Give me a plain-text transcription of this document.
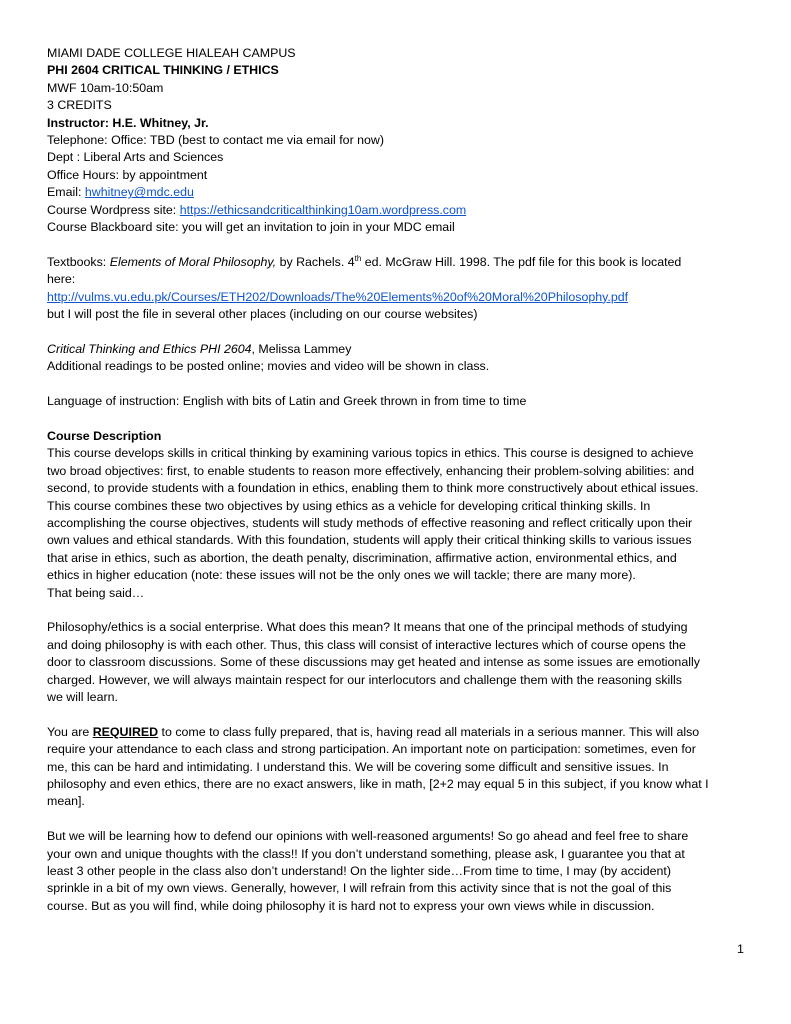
MIAMI DADE COLLEGE HIALEAH CAMPUS
PHI 2604 CRITICAL THINKING / ETHICS
MWF 10am-10:50am
3 CREDITS
Instructor: H.E. Whitney, Jr.
Telephone: Office: TBD (best to contact me via email for now)
Dept : Liberal Arts and Sciences
Office Hours: by appointment
Email: hwhitney@mdc.edu
Course Wordpress site: https://ethicsandcriticalthinking10am.wordpress.com
Course Blackboard site: you will get an invitation to join in your MDC email
Textbooks: Elements of Moral Philosophy, by Rachels. 4th ed. McGraw Hill. 1998. The pdf file for this book is located
here:
http://vulms.vu.edu.pk/Courses/ETH202/Downloads/The%20Elements%20of%20Moral%20Philosophy.pdf
but I will post the file in several other places (including on our course websites)
Critical Thinking and Ethics PHI 2604, Melissa Lammey
Additional readings to be posted online; movies and video will be shown in class.
Language of instruction: English with bits of Latin and Greek thrown in from time to time
Course Description
This course develops skills in critical thinking by examining various topics in ethics. This course is designed to achieve
two broad objectives: first, to enable students to reason more effectively, enhancing their problem-solving abilities: and
second, to provide students with a foundation in ethics, enabling them to think more constructively about ethical issues.
This course combines these two objectives by using ethics as a vehicle for developing critical thinking skills. In
accomplishing the course objectives, students will study methods of effective reasoning and reflect critically upon their
own values and ethical standards. With this foundation, students will apply their critical thinking skills to various issues
that arise in ethics, such as abortion, the death penalty, discrimination, affirmative action, environmental ethics, and
ethics in higher education (note: these issues will not be the only ones we will tackle; there are many more).
That being said…
Philosophy/ethics is a social enterprise. What does this mean? It means that one of the principal methods of studying
and doing philosophy is with each other. Thus, this class will consist of interactive lectures which of course opens the
door to classroom discussions. Some of these discussions may get heated and intense as some issues are emotionally
charged. However, we will always maintain respect for our interlocutors and challenge them with the reasoning skills
we will learn.
You are REQUIRED to come to class fully prepared, that is, having read all materials in a serious manner. This will also
require your attendance to each class and strong participation. An important note on participation: sometimes, even for
me, this can be hard and intimidating. I understand this. We will be covering some difficult and sensitive issues. In
philosophy and even ethics, there are no exact answers, like in math, [2+2 may equal 5 in this subject, if you know what I
mean].
But we will be learning how to defend our opinions with well-reasoned arguments! So go ahead and feel free to share
your own and unique thoughts with the class!! If you don’t understand something, please ask, I guarantee you that at
least 3 other people in the class also don’t understand! On the lighter side…From time to time, I may (by accident)
sprinkle in a bit of my own views. Generally, however, I will refrain from this activity since that is not the goal of this
course. But as you will find, while doing philosophy it is hard not to express your own views while in discussion.
1
